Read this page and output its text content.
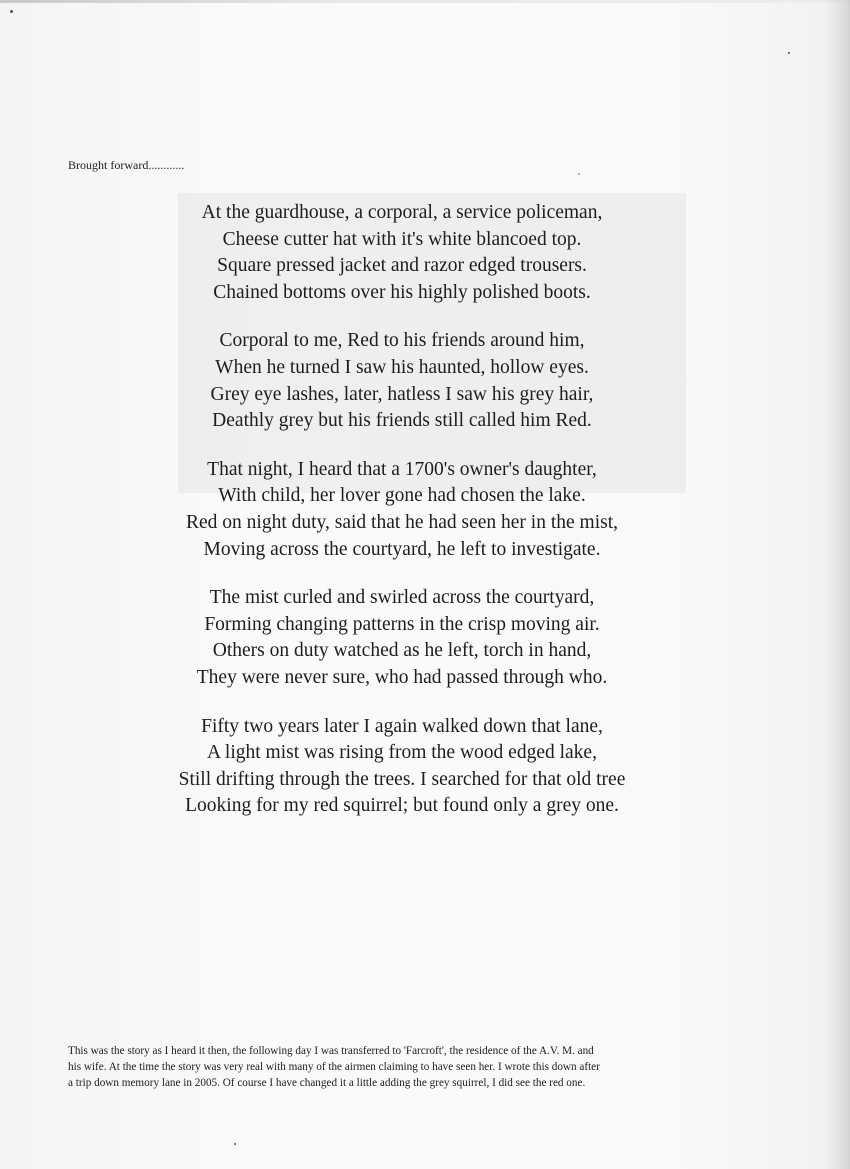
Brought forward............
At the guardhouse, a corporal, a service policeman,
Cheese cutter hat with it's white blancoed top.
Square pressed jacket and razor edged trousers.
Chained bottoms over his highly polished boots.
Corporal to me, Red to his friends around him,
When he turned I saw his haunted, hollow eyes.
Grey eye lashes, later, hatless I saw his grey hair,
Deathly grey but his friends still called him Red.
That night, I heard that a 1700's owner's daughter,
With child, her lover gone had chosen the lake.
Red on night duty, said that he had seen her in the mist,
Moving across the courtyard, he left to investigate.
The mist curled and swirled across the courtyard,
Forming changing patterns in the crisp moving air.
Others on duty watched as he left, torch in hand,
They were never sure, who had passed through who.
Fifty two years later I again walked down that lane,
A light mist was rising from the wood edged lake,
Still drifting through the trees. I searched for that old tree
Looking for my red squirrel; but found only a grey one.
This was the story as I heard it then, the following day I was transferred to 'Farcroft', the residence of the A.V. M. and
his wife. At the time the story was very real with many of the airmen claiming to have seen her. I wrote this down after
a trip down memory lane in 2005. Of course I have changed it a little adding the grey squirrel, I did see the red one.
